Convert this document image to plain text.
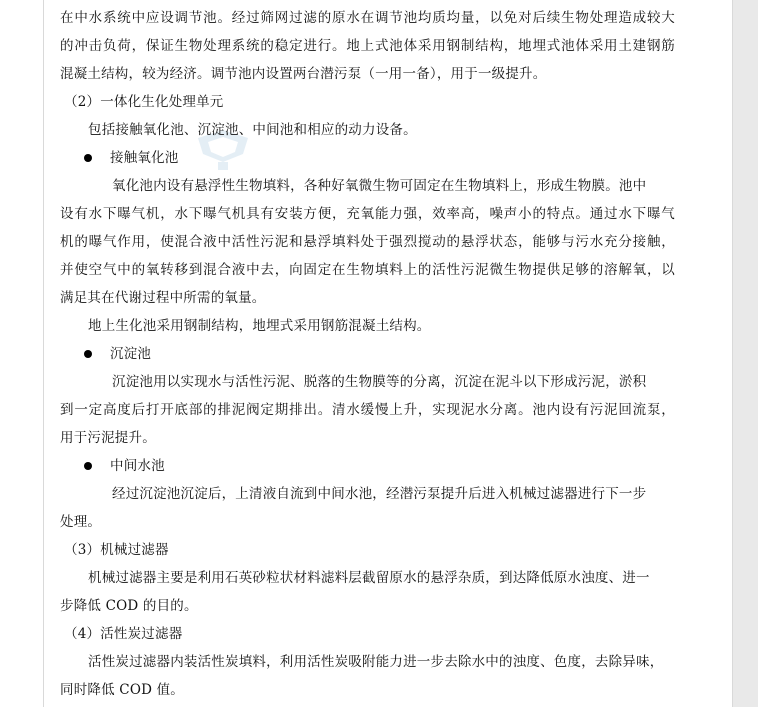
在中水系统中应设调节池。经过筛网过滤的原水在调节池均质均量，以免对后续生物处理造成较大
的冲击负荷，保证生物处理系统的稳定进行。地上式池体采用钢制结构，地埋式池体采用土建钢筋
混凝土结构，较为经济。调节池内设置两台潜污泵（一用一备），用于一级提升。
（2）一体化生化处理单元
包括接触氧化池、沉淀池、中间池和相应的动力设备。
接触氧化池
氧化池内设有悬浮性生物填料，各种好氧微生物可固定在生物填料上，形成生物膜。池中
设有水下曝气机，水下曝气机具有安装方便，充氧能力强，效率高，噪声小的特点。通过水下曝气
机的曝气作用，使混合液中活性污泥和悬浮填料处于强烈搅动的悬浮状态，能够与污水充分接触，
并使空气中的氧转移到混合液中去，向固定在生物填料上的活性污泥微生物提供足够的溶解氧，以
满足其在代谢过程中所需的氧量。
地上生化池采用钢制结构，地埋式采用钢筋混凝土结构。
沉淀池
沉淀池用以实现水与活性污泥、脱落的生物膜等的分离，沉淀在泥斗以下形成污泥，淤积
到一定高度后打开底部的排泥阀定期排出。清水缓慢上升，实现泥水分离。池内设有污泥回流泵，
用于污泥提升。
中间水池
经过沉淀池沉淀后，上清液自流到中间水池，经潜污泵提升后进入机械过滤器进行下一步
处理。
（3）机械过滤器
机械过滤器主要是利用石英砂粒状材料滤料层截留原水的悬浮杂质，到达降低原水浊度、进一
步降低 COD 的目的。
（4）活性炭过滤器
活性炭过滤器内装活性炭填料，利用活性炭吸附能力进一步去除水中的浊度、色度，去除异味，
同时降低 COD 值。
